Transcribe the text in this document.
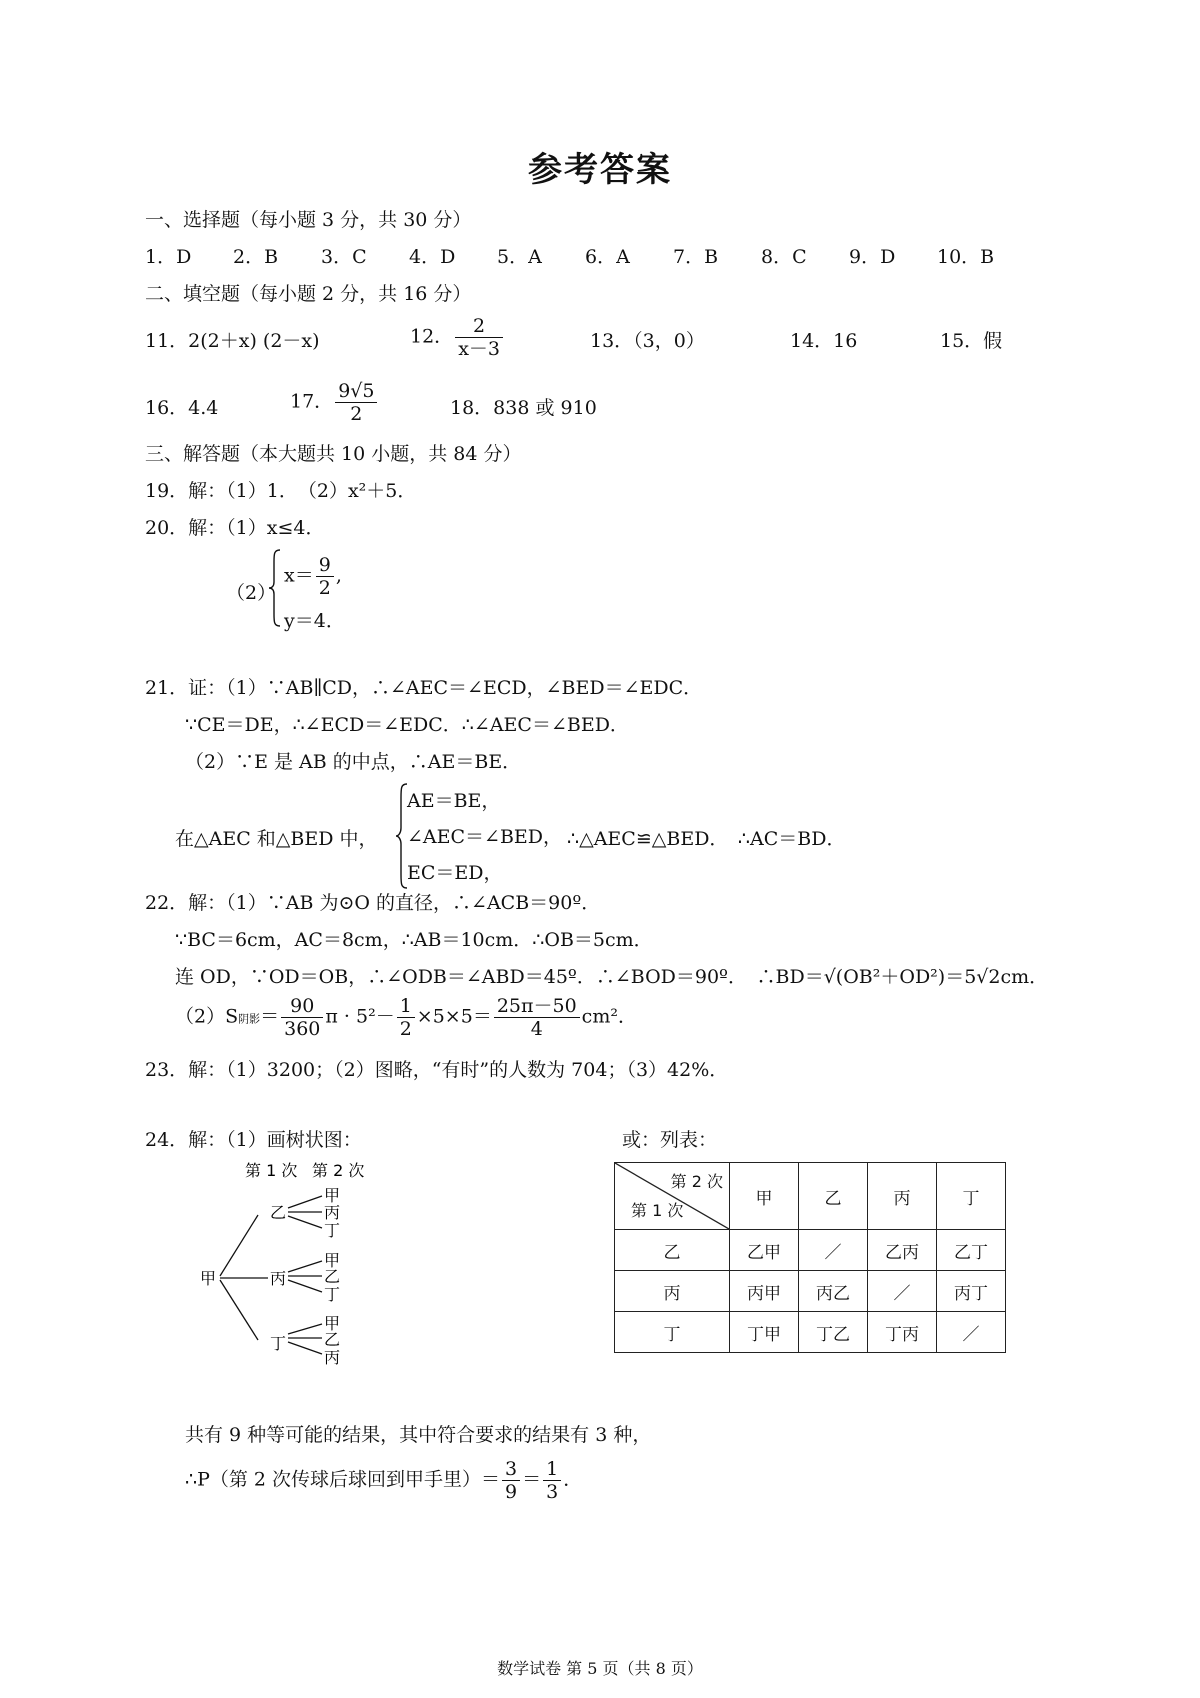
参考答案
一、选择题（每小题 3 分，共 30 分）
1．D 2．B 3．C 4．D 5．A 6．A 7．B 8．C 9．D 10．B
二、填空题（每小题 2 分，共 16 分）
11．2(2＋x) (2－x)	12． $\frac{2}{x-3}$	13．（3，0）	14．16	15．假
16．4.4	17． $\frac{9√5}{2}$	18．838 或 910
三、解答题（本大题共 10 小题，共 84 分）
19．解：（1）1．　（2）x²＋5．
20．解：（1）x≤4．
（2）
$x= \frac{9}{2}$ ,
y＝4．
21．证：（1）∵AB∥CD，∴∠AEC＝∠ECD，∠BED＝∠EDC．
∵CE＝DE，∴∠ECD＝∠EDC．∴∠AEC＝∠BED．
（2）∵E 是 AB 的中点，∴AE＝BE．
在△AEC 和△BED 中，
AE＝BE，
∠AEC＝∠BED，
EC＝ED，
∴△AEC≌△BED．　∴AC＝BD．
22．解：（1）∵AB 为⊙O 的直径，∴∠ACB＝90º．
∵BC＝6cm，AC＝8cm，∴AB＝10cm．∴OB＝5cm．
连 OD，∵OD＝OB，∴∠ODB＝∠ABD＝45º．∴∠BOD＝90º．　∴BD＝√(OB²＋OD²)＝5√2cm．
（2）S阴影＝ $\frac{90}{360}$ $\pi \cdot 5^2- \frac{1}{2} \times 5\times 5= \frac{25\pi-50}{4} cm^2$．
23．解：（1）3200；（2）图略，“有时”的人数为 704；（3）42%．
24．解：（1）画树状图：	或：列表：
第 1 次 第 2 次
甲
乙
丙
丁
甲
丙
丁
甲
乙
丁
甲
乙
丙
第 2 次
第 1 次	甲	乙	丙	丁
乙	乙甲	／	乙丙	乙丁
丙	丙甲	丙乙	／	丙丁
丁	丁甲	丁乙	丁丙	／
共有 9 种等可能的结果，其中符合要求的结果有 3 种，
∴P（第 2 次传球后球回到甲手里）＝ $\frac{3}{9} = \frac{1}{3}$ ．
数学试卷 第 5 页（共 8 页）
